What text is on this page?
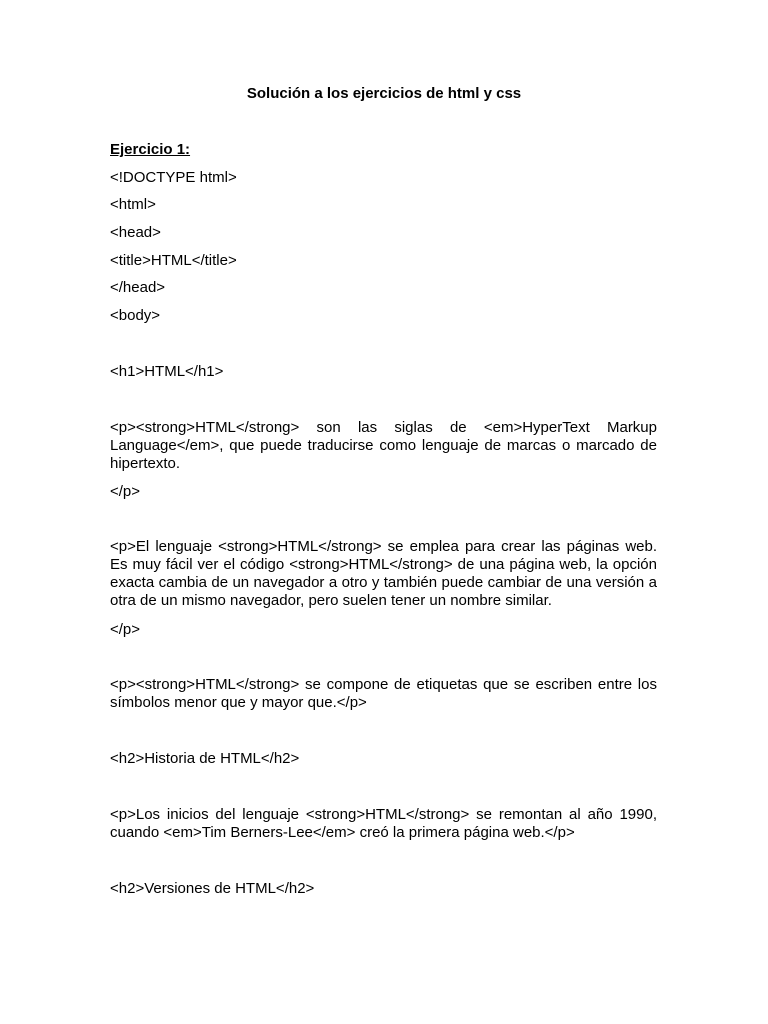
Solución a los ejercicios de html y css
Ejercicio 1:
<!DOCTYPE html>
<html>
<head>
<title>HTML</title>
</head>
<body>
<h1>HTML</h1>
<p><strong>HTML</strong> son las siglas de <em>HyperText Markup Language</em>, que puede traducirse como lenguaje de marcas o marcado de hipertexto.
</p>
<p>El lenguaje <strong>HTML</strong> se emplea para crear las páginas web. Es muy fácil ver el código <strong>HTML</strong> de una página web, la opción exacta cambia de un navegador a otro y también puede cambiar de una versión a otra de un mismo navegador, pero suelen tener un nombre similar.
</p>
<p><strong>HTML</strong> se compone de etiquetas que se escriben entre los símbolos menor que y mayor que.</p>
<h2>Historia de HTML</h2>
<p>Los inicios del lenguaje <strong>HTML</strong> se remontan al año 1990, cuando <em>Tim Berners-Lee</em> creó la primera página web.</p>
<h2>Versiones de HTML</h2>
